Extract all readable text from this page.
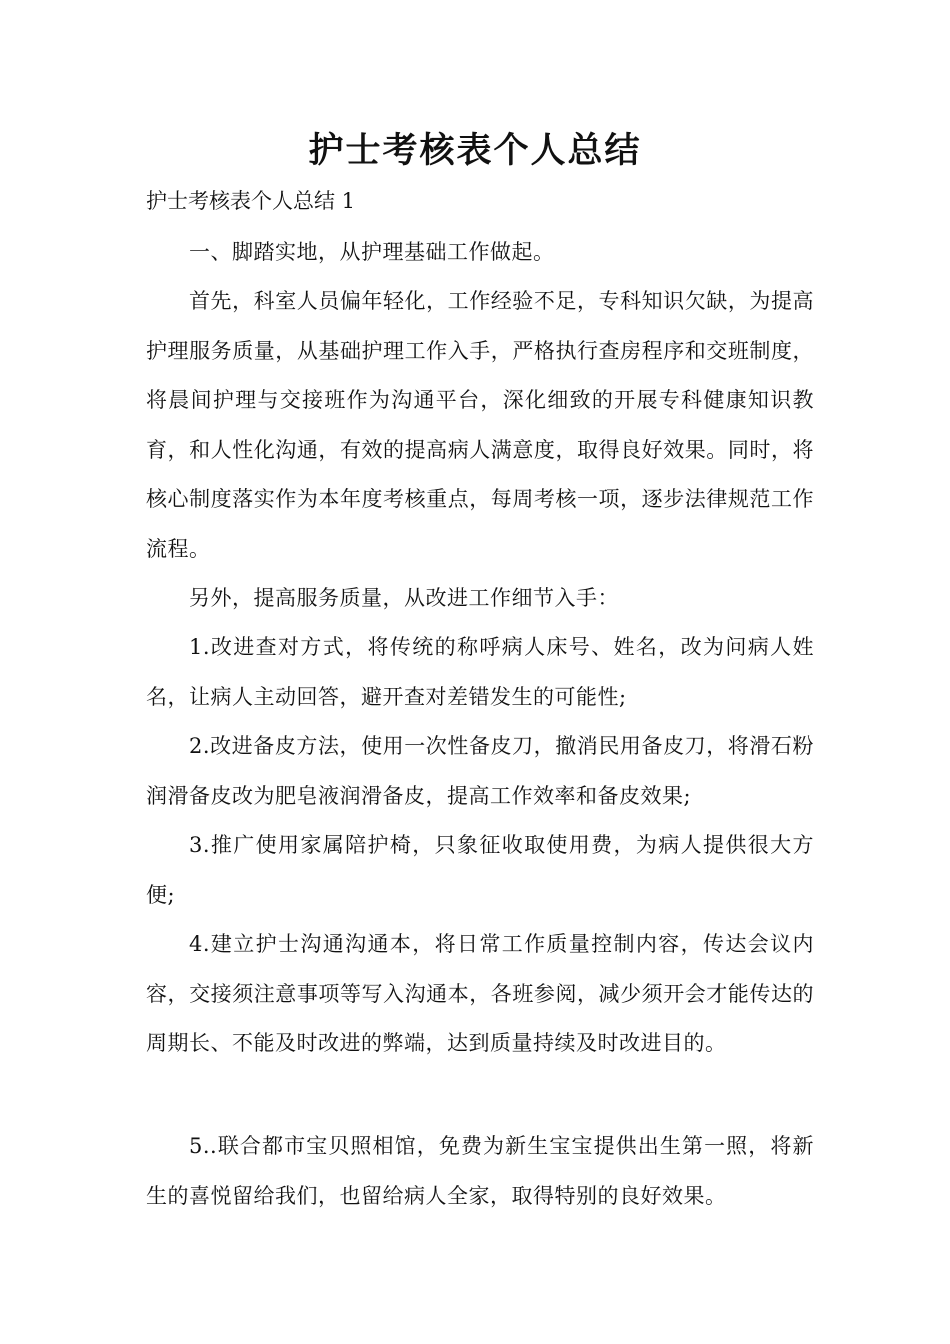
护士考核表个人总结
护士考核表个人总结 1

一、脚踏实地，从护理基础工作做起。

首先，科室人员偏年轻化，工作经验不足，专科知识欠缺，为提高护理服务质量，从基础护理工作入手，严格执行查房程序和交班制度，将晨间护理与交接班作为沟通平台，深化细致的开展专科健康知识教育，和人性化沟通，有效的提高病人满意度，取得良好效果。同时，将核心制度落实作为本年度考核重点，每周考核一项，逐步法律规范工作流程。

另外，提高服务质量，从改进工作细节入手：

1.改进查对方式，将传统的称呼病人床号、姓名，改为问病人姓名，让病人主动回答，避开查对差错发生的可能性;

2.改进备皮方法，使用一次性备皮刀，撤消民用备皮刀，将滑石粉润滑备皮改为肥皂液润滑备皮，提高工作效率和备皮效果;

3.推广使用家属陪护椅，只象征收取使用费，为病人提供很大方便;

4.建立护士沟通沟通本，将日常工作质量控制内容，传达会议内容，交接须注意事项等写入沟通本，各班参阅，减少须开会才能传达的周期长、不能及时改进的弊端，达到质量持续及时改进目的。

5..联合都市宝贝照相馆，免费为新生宝宝提供出生第一照，将新生的喜悦留给我们，也留给病人全家，取得特别的良好效果。
